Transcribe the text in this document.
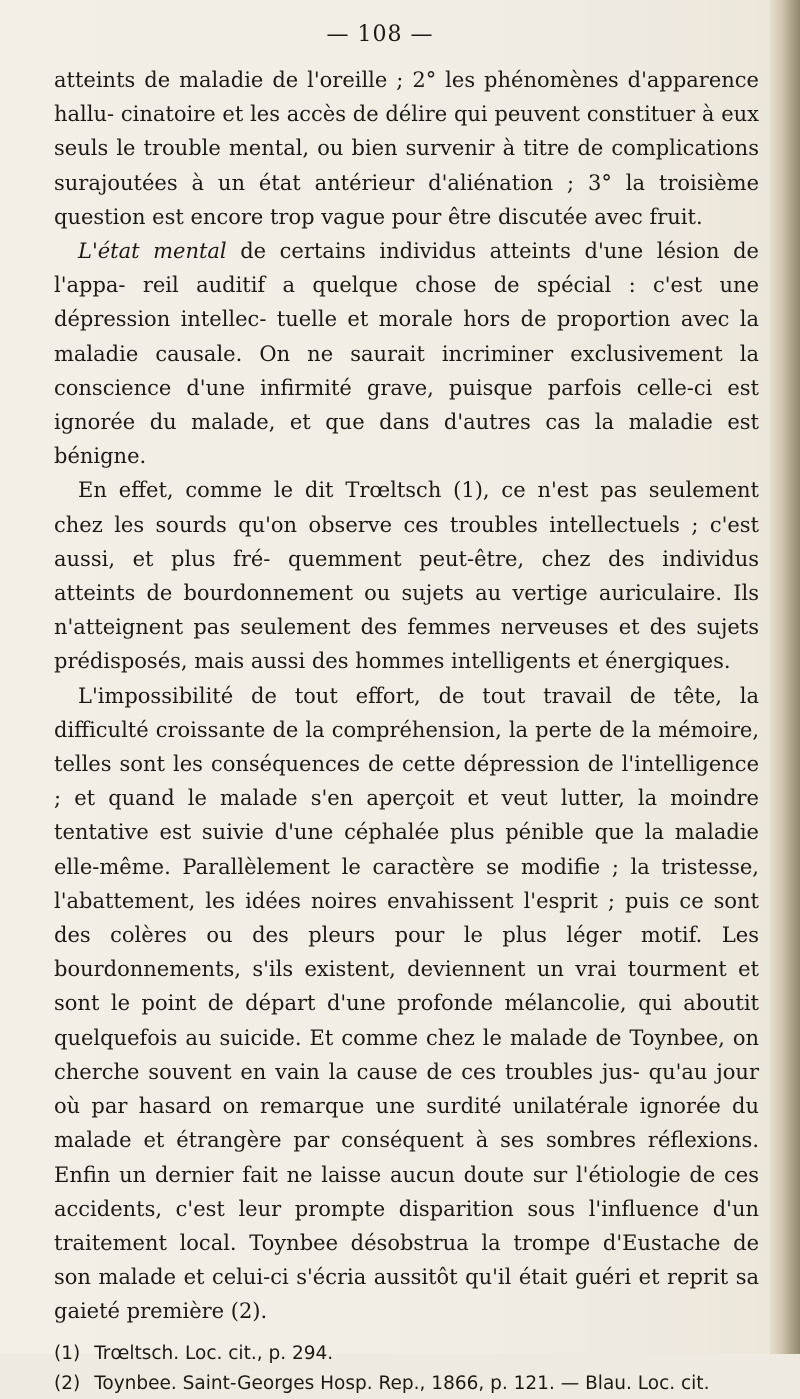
— 108 —

atteints de maladie de l'oreille ; 2° les phénomènes d'apparence hallu- cinatoire et les accès de délire qui peuvent constituer à eux seuls le trouble mental, ou bien survenir à titre de complications surajoutées à un état antérieur d'aliénation ; 3° la troisième question est encore trop vague pour être discutée avec fruit.

L'état mental de certains individus atteints d'une lésion de l'appa- reil auditif a quelque chose de spécial : c'est une dépression intellec- tuelle et morale hors de proportion avec la maladie causale. On ne saurait incriminer exclusivement la conscience d'une infirmité grave, puisque parfois celle-ci est ignorée du malade, et que dans d'autres cas la maladie est bénigne.

En effet, comme le dit Trœltsch (1), ce n'est pas seulement chez les sourds qu'on observe ces troubles intellectuels ; c'est aussi, et plus fré- quemment peut-être, chez des individus atteints de bourdonnement ou sujets au vertige auriculaire. Ils n'atteignent pas seulement des femmes nerveuses et des sujets prédisposés, mais aussi des hommes intelligents et énergiques.

L'impossibilité de tout effort, de tout travail de tête, la difficulté croissante de la compréhension, la perte de la mémoire, telles sont les conséquences de cette dépression de l'intelligence ; et quand le malade s'en aperçoit et veut lutter, la moindre tentative est suivie d'une céphalée plus pénible que la maladie elle-même. Parallèlement le caractère se modifie ; la tristesse, l'abattement, les idées noires envahissent l'esprit ; puis ce sont des colères ou des pleurs pour le plus léger motif. Les bourdonnements, s'ils existent, deviennent un vrai tourment et sont le point de départ d'une profonde mélancolie, qui aboutit quelquefois au suicide. Et comme chez le malade de Toynbee, on cherche souvent en vain la cause de ces troubles jus- qu'au jour où par hasard on remarque une surdité unilatérale ignorée du malade et étrangère par conséquent à ses sombres réflexions. Enfin un dernier fait ne laisse aucun doute sur l'étiologie de ces accidents, c'est leur prompte disparition sous l'influence d'un traitement local. Toynbee désobstrua la trompe d'Eustache de son malade et celui-ci s'écria aussitôt qu'il était guéri et reprit sa gaieté première (2).

(1) Trœltsch. Loc. cit., p. 294.

(2) Toynbee. Saint-Georges Hosp. Rep., 1866, p. 121. — Blau. Loc. cit.
